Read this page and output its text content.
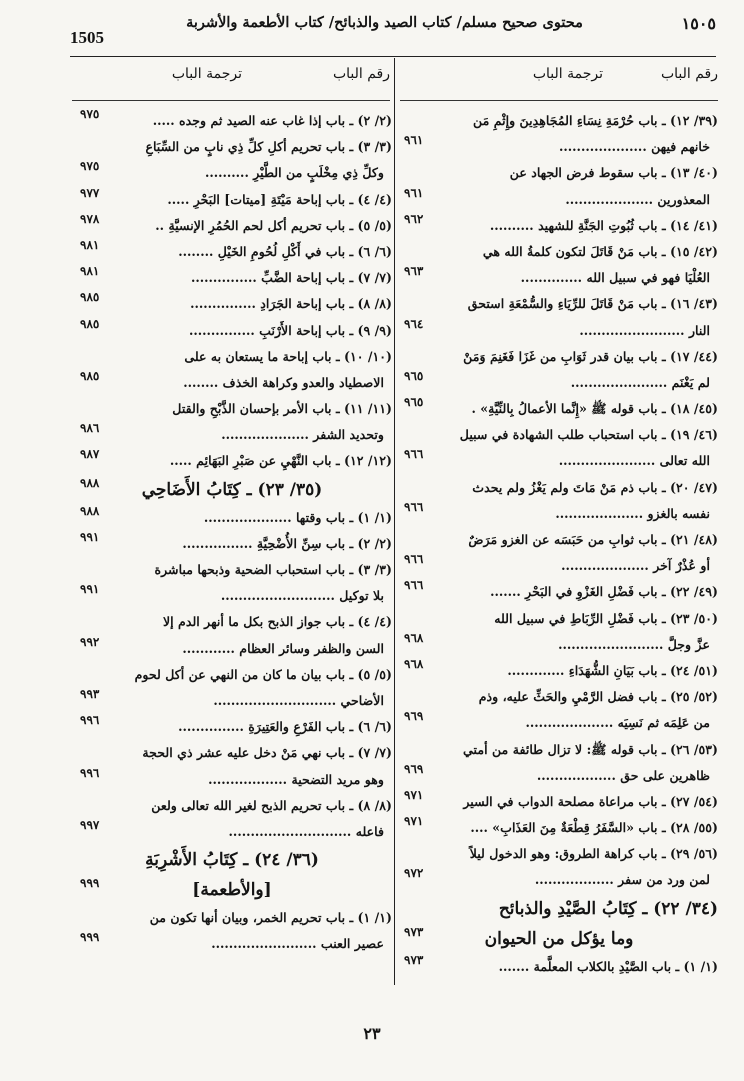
1505
محتوى صحيح مسلم/ كتاب الصيد والذبائح/ كتاب الأطعمة والأشربة	١٥٠٥
رقم الباب
ترجمة الباب
رقم الباب
ترجمة الباب
(٣٩/ ١٢) ـ باب حُرْمَةِ نِسَاءِ المُجَاهِدِينَ وإِثْمِ مَن
خانهم فيهن ....................
٩٦١
(٤٠/ ١٣) ـ باب سقوط فرض الجهاد عن
المعذورين ....................
٩٦١
(٤١/ ١٤) ـ باب ثُبُوتِ الجَنَّةِ للشهيد ..........
٩٦٢
(٤٢/ ١٥) ـ باب مَنْ قَاتَلَ لتكون كلمةُ الله هي
العُلْيَا فهو في سبيل الله ..............
٩٦٣
(٤٣/ ١٦) ـ باب مَنْ قَاتَلَ للرِّيَاءِ والسُّمْعَةِ استحق
النار ........................
٩٦٤
(٤٤/ ١٧) ـ باب بيان قدر ثَوَابِ من غَزَا فَغَنِمَ وَمَنْ
لم يَغْنَم ......................
٩٦٥
(٤٥/ ١٨) ـ باب قوله ﷺ «إِنَّما الأعمالُ بِالنِّيَّةِ» .
٩٦٥
(٤٦/ ١٩) ـ باب استحباب طلب الشهادة في سبيل
الله تعالى ......................
٩٦٦
(٤٧/ ٢٠) ـ باب ذم مَنْ مَاتَ ولم يَغْزُ ولم يحدث
نفسه بالغزو ....................
٩٦٦
(٤٨/ ٢١) ـ باب ثوابِ من حَبَسَه عن الغزو مَرَضٌ
أو عُذْرٌ آخر ....................
٩٦٦
(٤٩/ ٢٢) ـ باب فَضْلِ الغَزْوِ في البَحْرِ .......
٩٦٦
(٥٠/ ٢٣) ـ باب فَضْلِ الرِّبَاطِ في سبيل الله
عزَّ وجلَّ ........................
٩٦٨
(٥١/ ٢٤) ـ باب بَيَانِ الشُّهَدَاءِ .............
٩٦٨
(٥٢/ ٢٥) ـ باب فضل الرَّمْيِ والحَثِّ عليه، وذم
من عَلِمَه ثم نَسِيَه ....................
٩٦٩
(٥٣/ ٢٦) ـ باب قوله ﷺ: لا تزال طائفة من أمتي
ظاهرين على حق ..................
٩٦٩
(٥٤/ ٢٧) ـ باب مراعاة مصلحة الدواب في السير
٩٧١
(٥٥/ ٢٨) ـ باب «السَّفَرُ قِطْعَةٌ مِنَ العَذَابِ» ....
٩٧١
(٥٦/ ٢٩) ـ باب كراهة الطروق: وهو الدخول ليلاً
لمن ورد من سفر ..................
٩٧٢
(٣٤/ ٢٢) ـ كِتَابُ الصَّيْدِ والذبائح
وما يؤكل من الحيوان
٩٧٣
(١/ ١) ـ باب الصَّيْدِ بالكلاب المعلَّمة .......
٩٧٣
(٢/ ٢) ـ باب إذا غاب عنه الصيد ثم وجده .....
٩٧٥
(٣/ ٣) ـ باب تحريم أكلِ كلِّ ذِي نابٍ من السِّبَاعِ
وكلِّ ذِي مِخْلَبٍ من الطَّيْرِ ..........
٩٧٥
(٤/ ٤) ـ باب إباحة مَيْتَةِ [ميتات] البَحْرِ .....
٩٧٧
(٥/ ٥) ـ باب تحريم أكل لحم الحُمُرِ الإنسيَّةِ ..
٩٧٨
(٦/ ٦) ـ باب في أَكْلِ لُحُومِ الخَيْلِ ........
٩٨١
(٧/ ٧) ـ باب إباحة الضَّبِّ ...............
٩٨١
(٨/ ٨) ـ باب إباحة الجَرَادِ ...............
٩٨٥
(٩/ ٩) ـ باب إباحة الأَرْنَبِ ...............
٩٨٥
(١٠/ ١٠) ـ باب إباحة ما يستعان به على
الاصطياد والعدو وكراهة الخذف ........
٩٨٥
(١١/ ١١) ـ باب الأمر بإحسان الذَّبْحِ والقتل
وتحديد الشفر ....................
٩٨٦
(١٢/ ١٢) ـ باب النَّهْيِ عن صَبْرِ البَهَائِم .....
٩٨٧
(٣٥/ ٢٣) ـ كِتَابُ الأَضَاحِي
٩٨٨
(١/ ١) ـ باب وقتها ....................
٩٨٨
(٢/ ٢) ـ باب سِنِّ الأُضْحِيَّةِ ................
٩٩١
(٣/ ٣) ـ باب استحباب الضحية وذبحها مباشرة
بلا توكيل ..........................
٩٩١
(٤/ ٤) ـ باب جواز الذبح بكل ما أنهر الدم إلا
السن والظفر وسائر العظام ............
٩٩٢
(٥/ ٥) ـ باب بيان ما كان من النهي عن أكل لحوم
الأضاحي ............................
٩٩٣
(٦/ ٦) ـ باب الفَرْعِ والعَتِيرَةِ ...............
٩٩٦
(٧/ ٧) ـ باب نهي مَنْ دخل عليه عشر ذي الحجة
وهو مريد التضحية ..................
٩٩٦
(٨/ ٨) ـ باب تحريم الذبح لغير الله تعالى ولعن
فاعله ............................
٩٩٧
(٣٦/ ٢٤) ـ كِتَابُ الأَشْرِبَةِ
[والأطعمة]
٩٩٩
(١/ ١) ـ باب تحريم الخمر، وبيان أنها تكون من
عصير العنب ........................
٩٩٩
٢٣
